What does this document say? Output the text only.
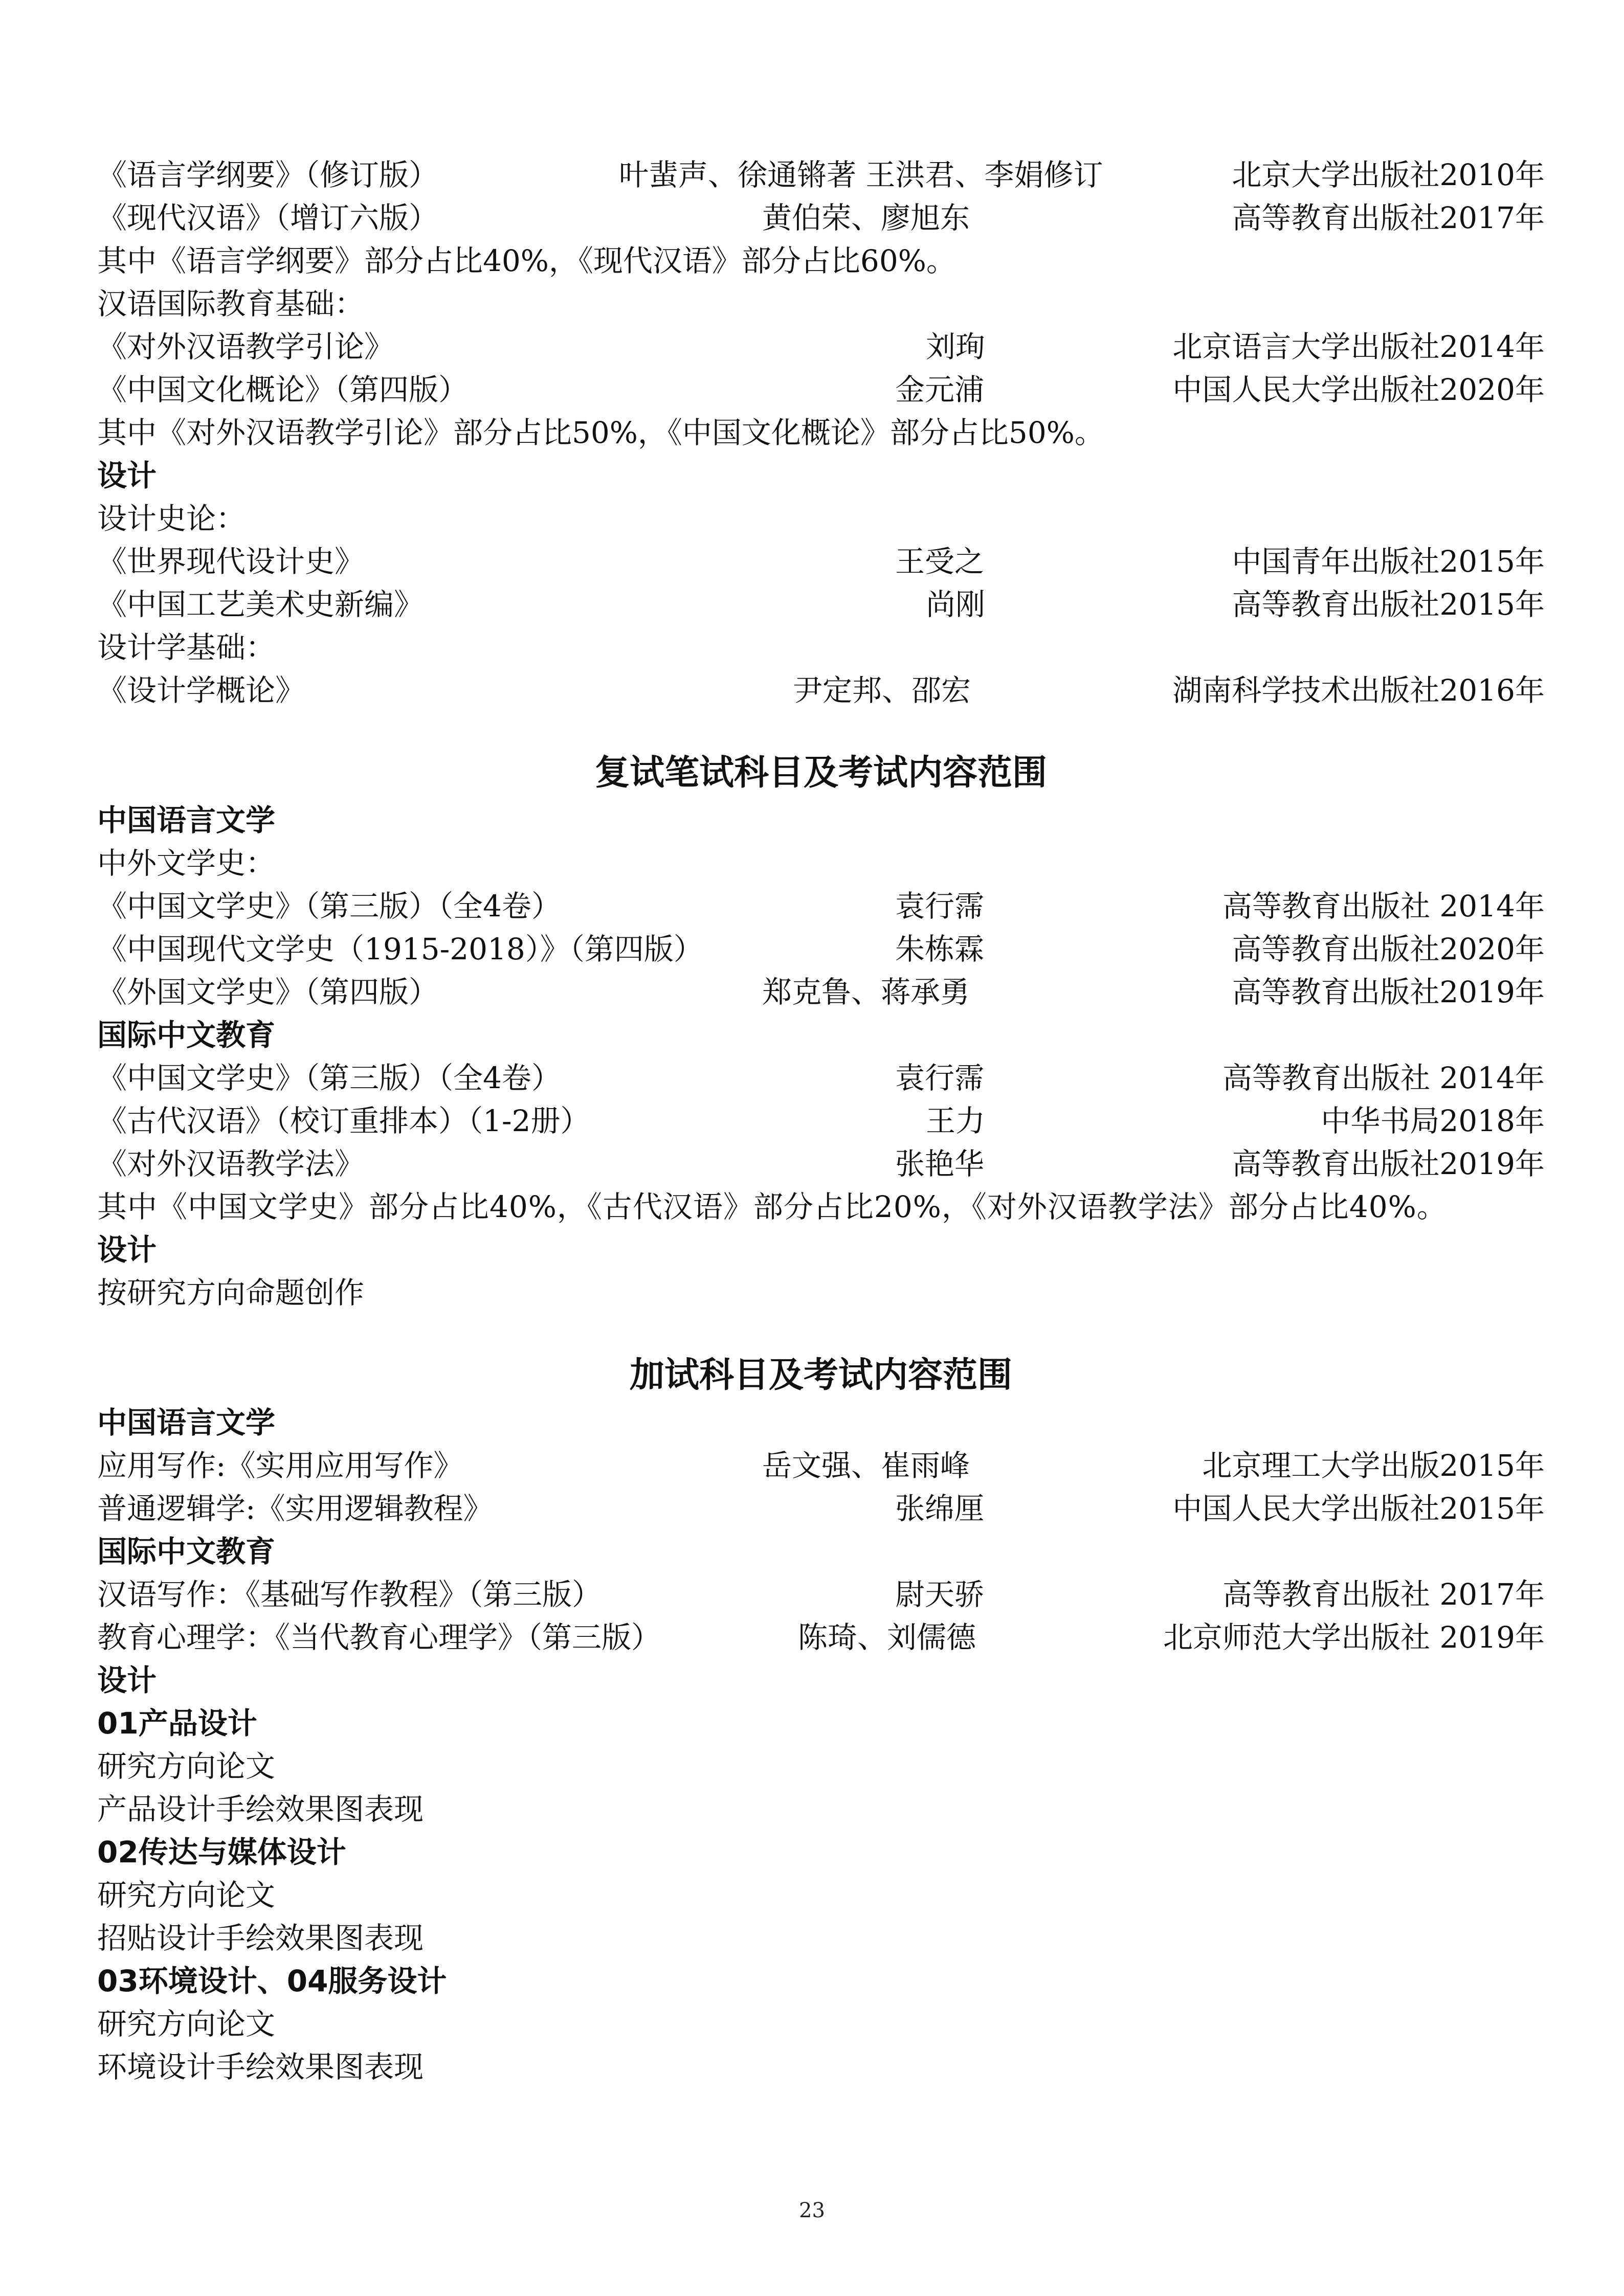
《语言学纲要》（修订版）	叶蜚声、徐通锵著 王洪君、李娟修订	北京大学出版社2010年
《现代汉语》（增订六版）	黄伯荣、廖旭东	高等教育出版社2017年
其中《语言学纲要》部分占比40%，《现代汉语》部分占比60%。
汉语国际教育基础：
《对外汉语教学引论》	刘珣	北京语言大学出版社2014年
《中国文化概论》（第四版）	金元浦	中国人民大学出版社2020年
其中《对外汉语教学引论》部分占比50%，《中国文化概论》部分占比50%。
设计
设计史论：
《世界现代设计史》	王受之	中国青年出版社2015年
《中国工艺美术史新编》	尚刚	高等教育出版社2015年
设计学基础：
《设计学概论》	尹定邦、邵宏	湖南科学技术出版社2016年
复试笔试科目及考试内容范围
中国语言文学
中外文学史：
《中国文学史》（第三版）（全4卷）	袁行霈	高等教育出版社 2014年
《中国现代文学史（1915-2018）》（第四版）	朱栋霖	高等教育出版社2020年
《外国文学史》（第四版）	郑克鲁、蒋承勇	高等教育出版社2019年
国际中文教育
《中国文学史》（第三版）（全4卷）	袁行霈	高等教育出版社 2014年
《古代汉语》（校订重排本）（1-2册）	王力	中华书局2018年
《对外汉语教学法》	张艳华	高等教育出版社2019年
其中《中国文学史》部分占比40%，《古代汉语》部分占比20%，《对外汉语教学法》部分占比40%。
设计
按研究方向命题创作
加试科目及考试内容范围
中国语言文学
应用写作:《实用应用写作》	岳文强、崔雨峰	北京理工大学出版2015年
普通逻辑学:《实用逻辑教程》	张绵厘	中国人民大学出版社2015年
国际中文教育
汉语写作：《基础写作教程》（第三版）	尉天骄	高等教育出版社 2017年
教育心理学：《当代教育心理学》（第三版）	陈琦、刘儒德	北京师范大学出版社 2019年
设计
01产品设计
研究方向论文
产品设计手绘效果图表现
02传达与媒体设计
研究方向论文
招贴设计手绘效果图表现
03环境设计、04服务设计
研究方向论文
环境设计手绘效果图表现
23
